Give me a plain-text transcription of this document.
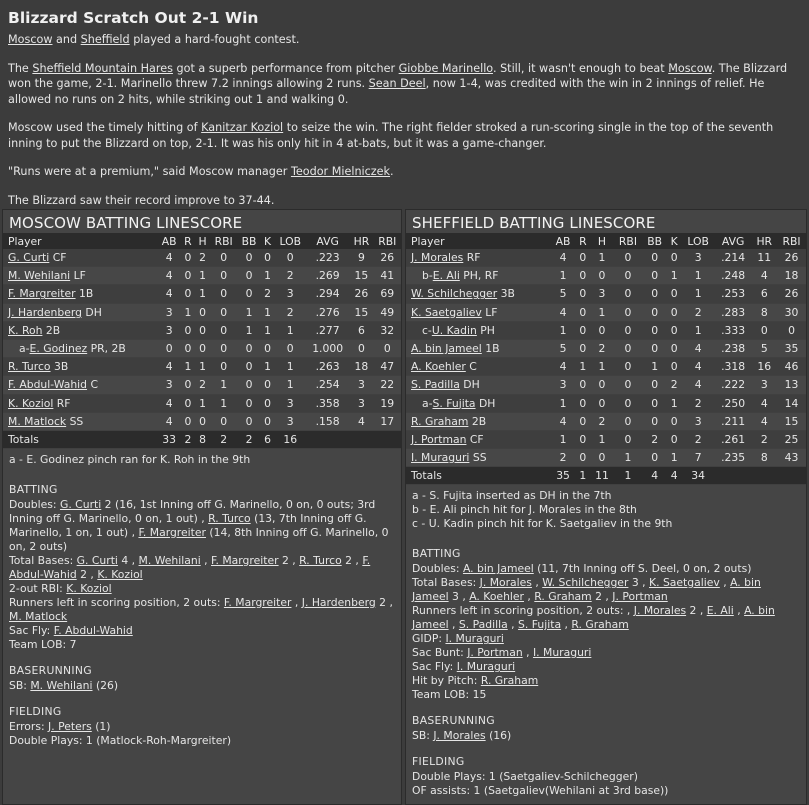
Blizzard Scratch Out 2-1 Win

Moscow and Sheffield played a hard-fought contest.

The Sheffield Mountain Hares got a superb performance from pitcher Giobbe Marinello. Still, it wasn't enough to beat Moscow. The Blizzard won the game, 2-1. Marinello threw 7.2 innings allowing 2 runs. Sean Deel, now 1-4, was credited with the win in 2 innings of relief. He allowed no runs on 2 hits, while striking out 1 and walking 0.

Moscow used the timely hitting of Kanitzar Koziol to seize the win. The right fielder stroked a run-scoring single in the top of the seventh inning to put the Blizzard on top, 2-1. It was his only hit in 4 at-bats, but it was a game-changer.

"Runs were at a premium," said Moscow manager Teodor Mielniczek.

The Blizzard saw their record improve to 37-44.

MOSCOW BATTING LINESCORE
Player	AB	R	H	RBI	BB	K	LOB	AVG	HR	RBI
G. Curti CF	4	0	2	0	0	0	0	.223	9	26
M. Wehilani LF	4	0	1	0	0	1	2	.269	15	41
F. Margreiter 1B	4	0	1	0	0	2	3	.294	26	69
J. Hardenberg DH	3	1	0	0	1	1	2	.276	15	49
K. Roh 2B	3	0	0	0	1	1	1	.277	6	32
a-E. Godinez PR, 2B	0	0	0	0	0	0	0	1.000	0	0
R. Turco 3B	4	1	1	0	0	1	1	.263	18	47
F. Abdul-Wahid C	3	0	2	1	0	0	1	.254	3	22
K. Koziol RF	4	0	1	1	0	0	3	.358	3	19
M. Matlock SS	4	0	0	0	0	0	3	.158	4	17
Totals	33	2	8	2	2	6	16			
a - E. Godinez pinch ran for K. Roh in the 9th
BATTING
Doubles: G. Curti 2 (16, 1st Inning off G. Marinello, 0 on, 0 outs; 3rd Inning off G. Marinello, 0 on, 1 out) , R. Turco (13, 7th Inning off G. Marinello, 1 on, 1 out) , F. Margreiter (14, 8th Inning off G. Marinello, 0 on, 2 outs)
Total Bases: G. Curti 4 , M. Wehilani , F. Margreiter 2 , R. Turco 2 , F. Abdul-Wahid 2 , K. Koziol
2-out RBI: K. Koziol
Runners left in scoring position, 2 outs: F. Margreiter , J. Hardenberg 2 , M. Matlock
Sac Fly: F. Abdul-Wahid
Team LOB: 7
BASERUNNING
SB: M. Wehilani (26)
FIELDING
Errors: J. Peters (1)
Double Plays: 1 (Matlock-Roh-Margreiter)
SHEFFIELD BATTING LINESCORE
Player	AB	R	H	RBI	BB	K	LOB	AVG	HR	RBI
J. Morales RF	4	0	1	0	0	0	3	.214	11	26
b-E. Ali PH, RF	1	0	0	0	0	1	1	.248	4	18
W. Schilchegger 3B	5	0	3	0	0	0	1	.253	6	26
K. Saetgaliev LF	4	0	1	0	0	0	2	.283	8	30
c-U. Kadin PH	1	0	0	0	0	0	1	.333	0	0
A. bin Jameel 1B	5	0	2	0	0	0	4	.238	5	35
A. Koehler C	4	1	1	0	1	0	4	.318	16	46
S. Padilla DH	3	0	0	0	0	2	4	.222	3	13
a-S. Fujita DH	1	0	0	0	0	1	2	.250	4	14
R. Graham 2B	4	0	2	0	0	0	3	.211	4	15
J. Portman CF	1	0	1	0	2	0	2	.261	2	25
I. Muraguri SS	2	0	0	1	0	1	7	.235	8	43
Totals	35	1	11	1	4	4	34			
a - S. Fujita inserted as DH in the 7th
b - E. Ali pinch hit for J. Morales in the 8th
c - U. Kadin pinch hit for K. Saetgaliev in the 9th
BATTING
Doubles: A. bin Jameel (11, 7th Inning off S. Deel, 0 on, 2 outs)
Total Bases: J. Morales , W. Schilchegger 3 , K. Saetgaliev , A. bin Jameel 3 , A. Koehler , R. Graham 2 , J. Portman
Runners left in scoring position, 2 outs: , J. Morales 2 , E. Ali , A. bin Jameel , S. Padilla , S. Fujita , R. Graham
GIDP: I. Muraguri
Sac Bunt: J. Portman , I. Muraguri
Sac Fly: I. Muraguri
Hit by Pitch: R. Graham
Team LOB: 15
BASERUNNING
SB: J. Morales (16)
FIELDING
Double Plays: 1 (Saetgaliev-Schilchegger)
OF assists: 1 (Saetgaliev(Wehilani at 3rd base))
